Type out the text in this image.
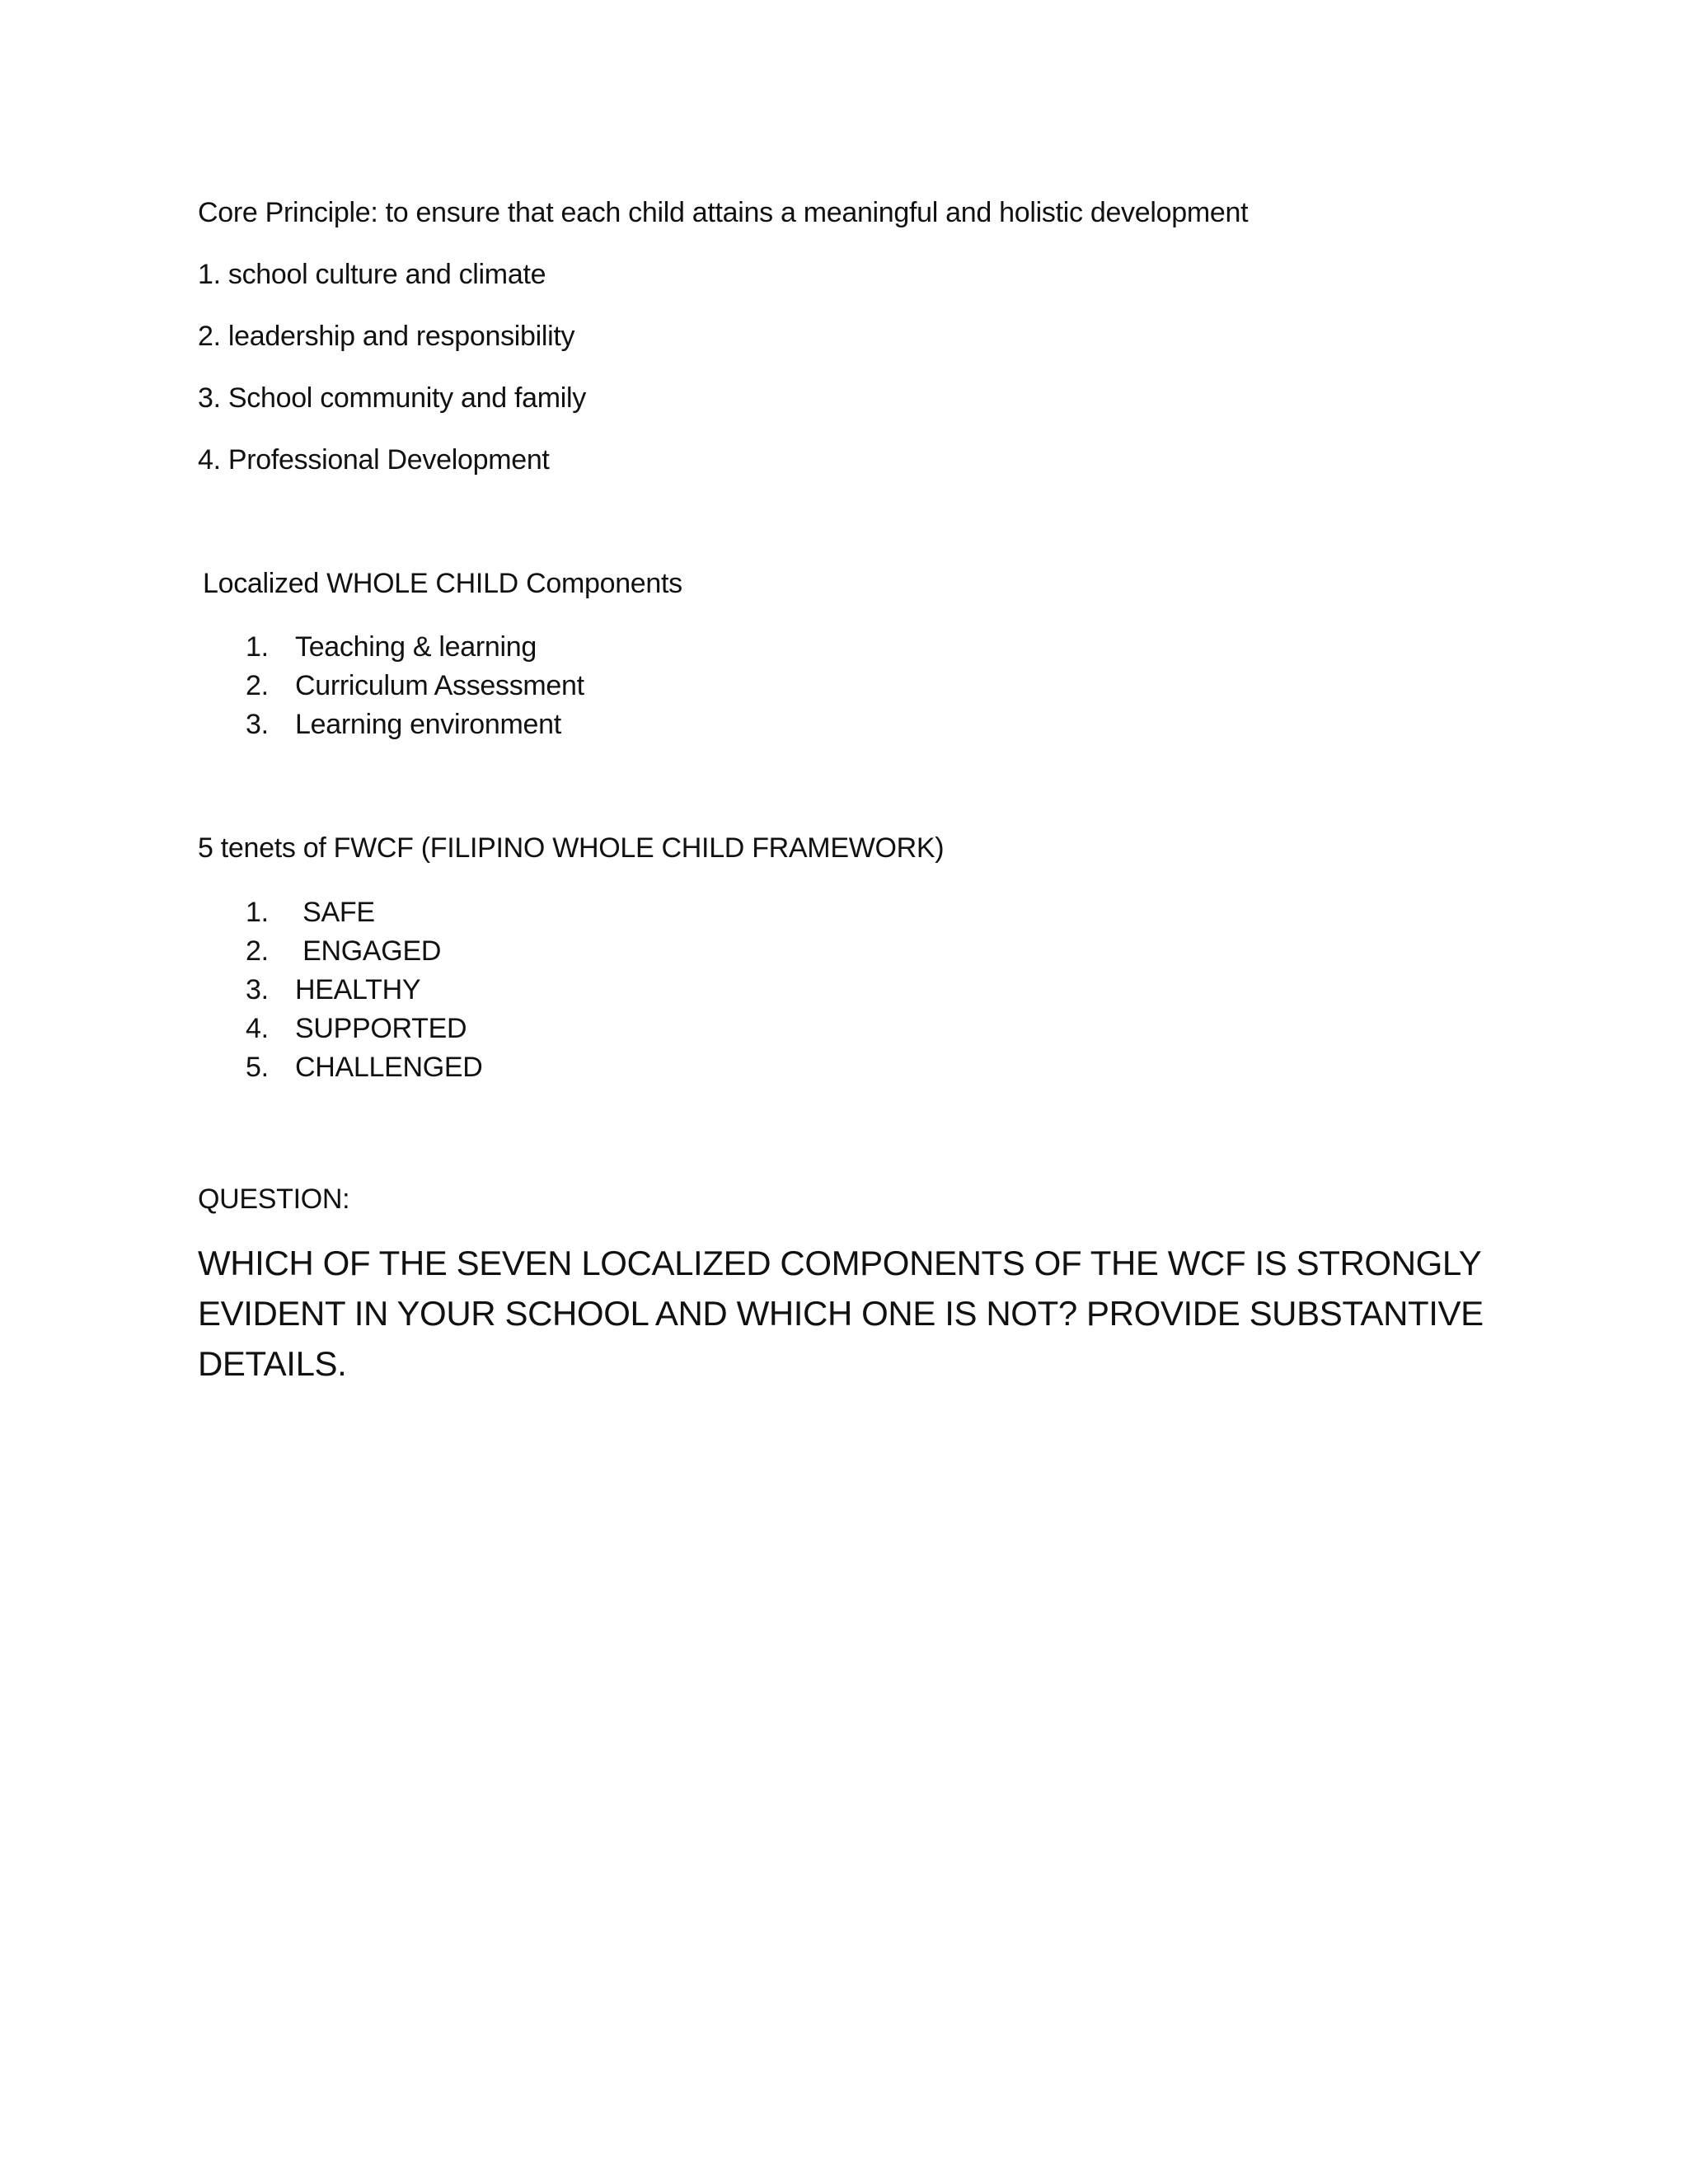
Core Principle: to ensure that each child attains a meaningful and holistic development
1. school culture and climate
2. leadership and responsibility
3. School community and family
4. Professional Development
Localized WHOLE CHILD Components
1. Teaching & learning
2. Curriculum Assessment
3. Learning environment
5 tenets of FWCF (FILIPINO WHOLE CHILD FRAMEWORK)
1. SAFE
2. ENGAGED
3. HEALTHY
4. SUPPORTED
5. CHALLENGED
QUESTION:
WHICH OF THE SEVEN LOCALIZED COMPONENTS OF THE WCF IS STRONGLY EVIDENT IN YOUR SCHOOL AND WHICH ONE IS NOT? PROVIDE SUBSTANTIVE DETAILS.
